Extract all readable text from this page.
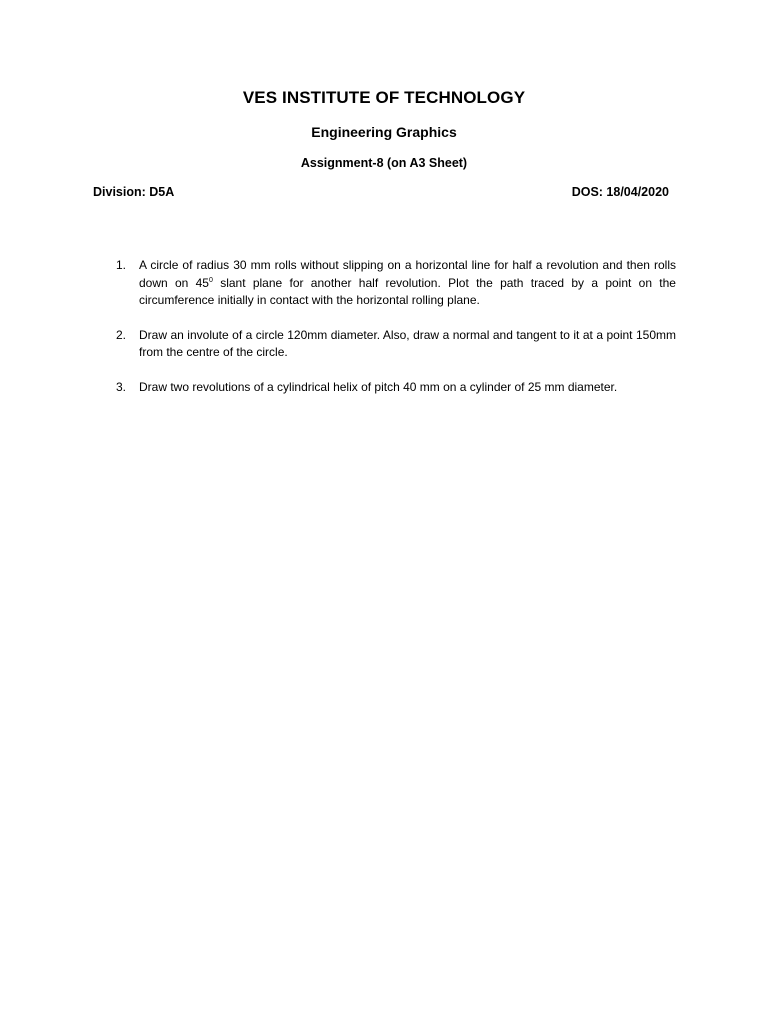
VES INSTITUTE OF TECHNOLOGY
Engineering Graphics
Assignment-8 (on A3 Sheet)
Division: D5A	DOS: 18/04/2020
1. A circle of radius 30 mm rolls without slipping on a horizontal line for half a revolution and then rolls down on $45^0$ slant plane for another half revolution. Plot the path traced by a point on the circumference initially in contact with the horizontal rolling plane.
2. Draw an involute of a circle 120mm diameter. Also, draw a normal and tangent to it at a point 150mm from the centre of the circle.
3. Draw two revolutions of a cylindrical helix of pitch 40 mm on a cylinder of 25 mm diameter.
